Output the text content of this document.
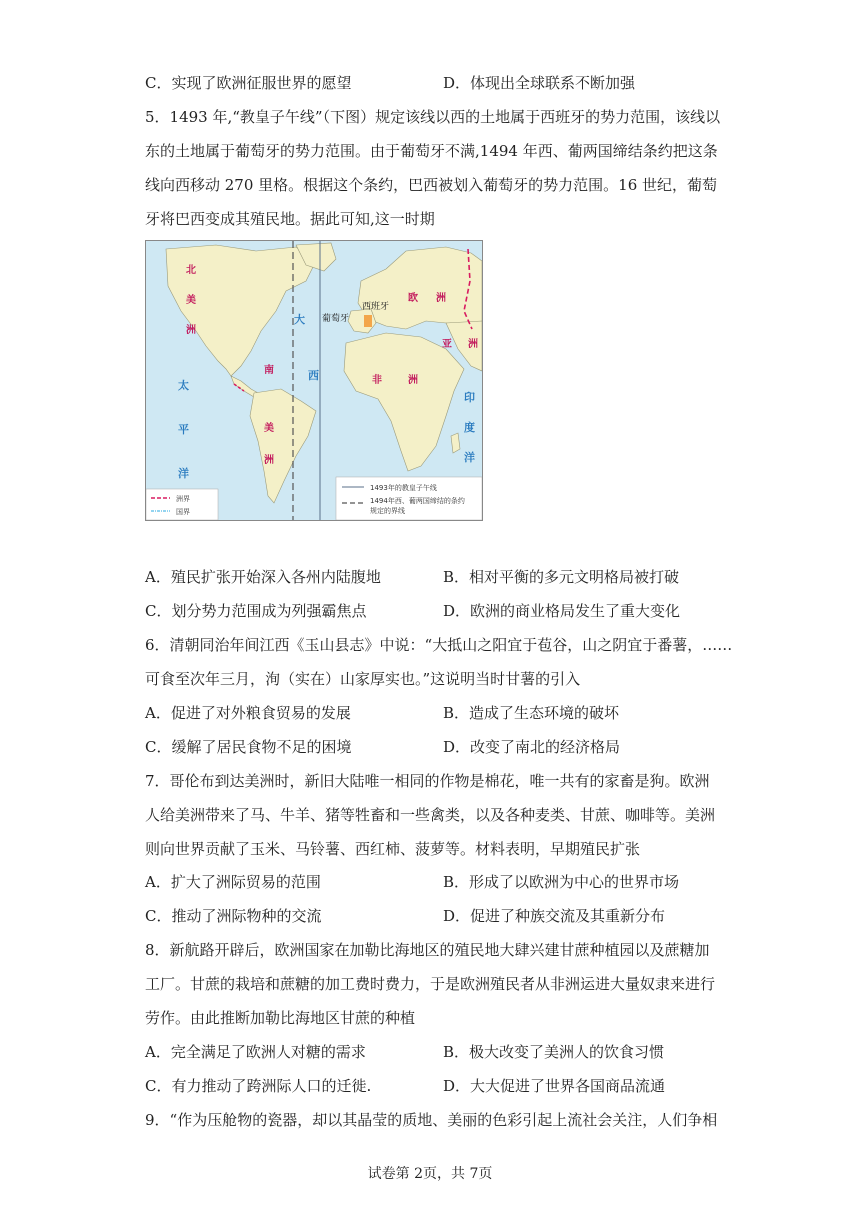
C．实现了欧洲征服世界的愿望	D．体现出全球联系不断加强
5．1493 年,“教皇子午线”（下图）规定该线以西的土地属于西班牙的势力范围，该线以
东的土地属于葡萄牙的势力范围。由于葡萄牙不满,1494 年西、葡两国缔结条约把这条
线向西移动 270 里格。根据这个条约，巴西被划入葡萄牙的势力范围。16 世纪，葡萄
牙将巴西变成其殖民地。据此可知,这一时期
北
美
洲
南
美
洲
欧 洲
亚 洲
非	洲
太
平
洋
大
西
印
度
洋
葡萄牙
西班牙
洲界
国界
1493年的教皇子午线
1494年西、葡两国缔结的条约
规定的界线
A．殖民扩张开始深入各州内陆腹地	B．相对平衡的多元文明格局被打破
C．划分势力范围成为列强霸焦点	D．欧洲的商业格局发生了重大变化
6．清朝同治年间江西《玉山县志》中说：“大抵山之阳宜于苞谷，山之阴宜于番薯，……
可食至次年三月，洵（实在）山家厚实也。”这说明当时甘薯的引入
A．促进了对外粮食贸易的发展	B．造成了生态环境的破坏
C．缓解了居民食物不足的困境	D．改变了南北的经济格局
7．哥伦布到达美洲时，新旧大陆唯一相同的作物是棉花，唯一共有的家畜是狗。欧洲
人给美洲带来了马、牛羊、猪等牲畜和一些禽类，以及各种麦类、甘蔗、咖啡等。美洲
则向世界贡献了玉米、马铃薯、西红柿、菠萝等。材料表明，早期殖民扩张
A．扩大了洲际贸易的范围	B．形成了以欧洲为中心的世界市场
C．推动了洲际物种的交流	D．促进了种族交流及其重新分布
8．新航路开辟后，欧洲国家在加勒比海地区的殖民地大肆兴建甘蔗种植园以及蔗糖加
工厂。甘蔗的栽培和蔗糖的加工费时费力，于是欧洲殖民者从非洲运进大量奴隶来进行
劳作。由此推断加勒比海地区甘蔗的种植
A．完全满足了欧洲人对糖的需求	B．极大改变了美洲人的饮食习惯
C．有力推动了跨洲际人口的迁徙.	D．大大促进了世界各国商品流通
9．“作为压舱物的瓷器，却以其晶莹的质地、美丽的色彩引起上流社会关注，人们争相
试卷第 2页，共 7页
